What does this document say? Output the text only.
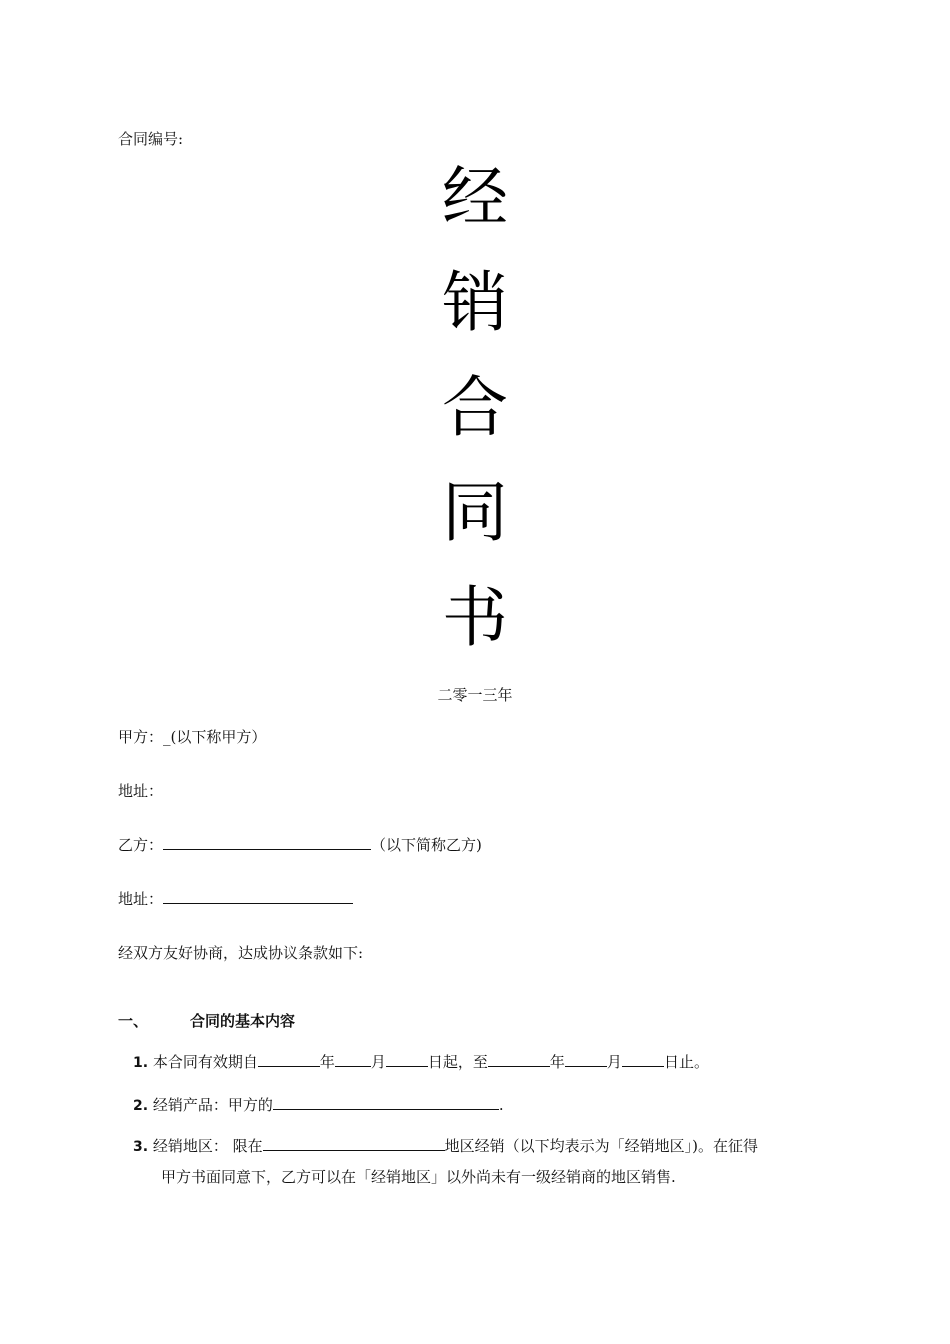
合同编号:
经
销
合
同
书
二零一三年
甲方：_(以下称甲方）
地址：
乙方：	（以下简称乙方)
地址：
经双方友好协商，达成协议条款如下:
一、	合同的基本内容
1. 本合同有效期自	年 月	日起，至	年	月	日止。
2. 经销产品：甲方的	.
3. 经销地区： 限在	地区经销（以下均表示为「经销地区」)。在征得
甲方书面同意下，乙方可以在「经销地区」以外尚未有一级经销商的地区销售.
